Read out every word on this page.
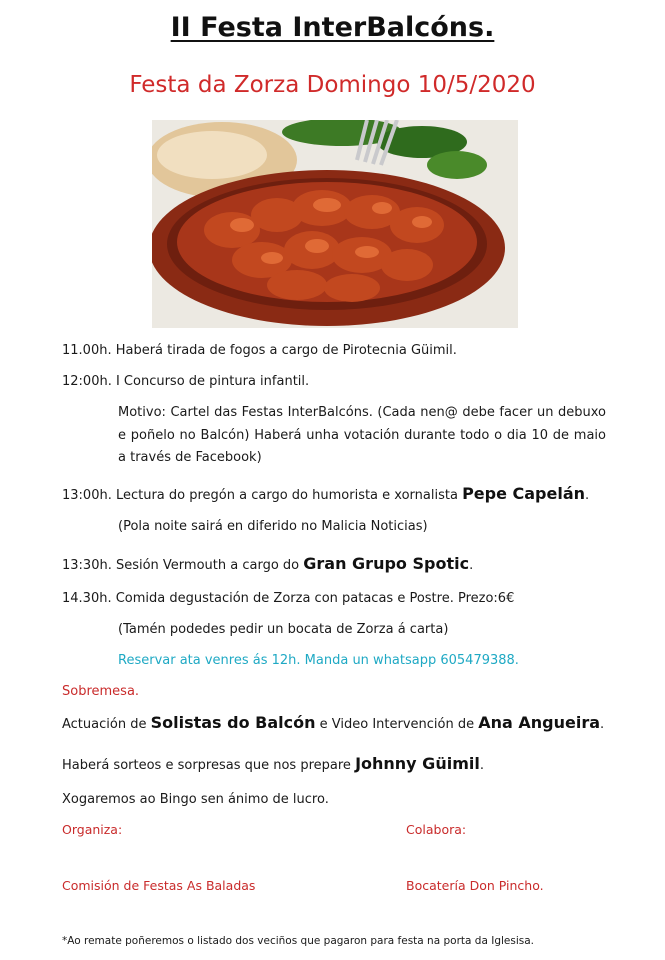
II Festa InterBalcóns.
Festa da Zorza Domingo 10/5/2020
11.00h. Haberá tirada de fogos a cargo de Pirotecnia Güimil.
12:00h. I Concurso de pintura infantil.
Motivo: Cartel das Festas InterBalcóns. (Cada nen@ debe facer un debuxo e poñelo no Balcón) Haberá unha votación durante todo o dia 10 de maio a través de Facebook)
13:00h. Lectura do pregón a cargo do humorista e xornalista Pepe Capelán.
(Pola noite sairá en diferido no Malicia Noticias)
13:30h. Sesión Vermouth a cargo do Gran Grupo Spotic.
14.30h. Comida degustación de Zorza con patacas e Postre. Prezo:6€
(Tamén podedes pedir un bocata de Zorza á carta)
Reservar ata venres ás 12h. Manda un whatsapp 605479388.
Sobremesa.
Actuación de Solistas do Balcón e Video Intervención de Ana Angueira.
Haberá sorteos e sorpresas que nos prepare Johnny Güimil.
Xogaremos ao Bingo sen ánimo de lucro.
Organiza:	Colabora:
Comisión de Festas As Baladas	Bocatería Don Pincho.
*Ao remate poñeremos o listado dos veciños que pagaron para festa na porta da Iglesisa.
